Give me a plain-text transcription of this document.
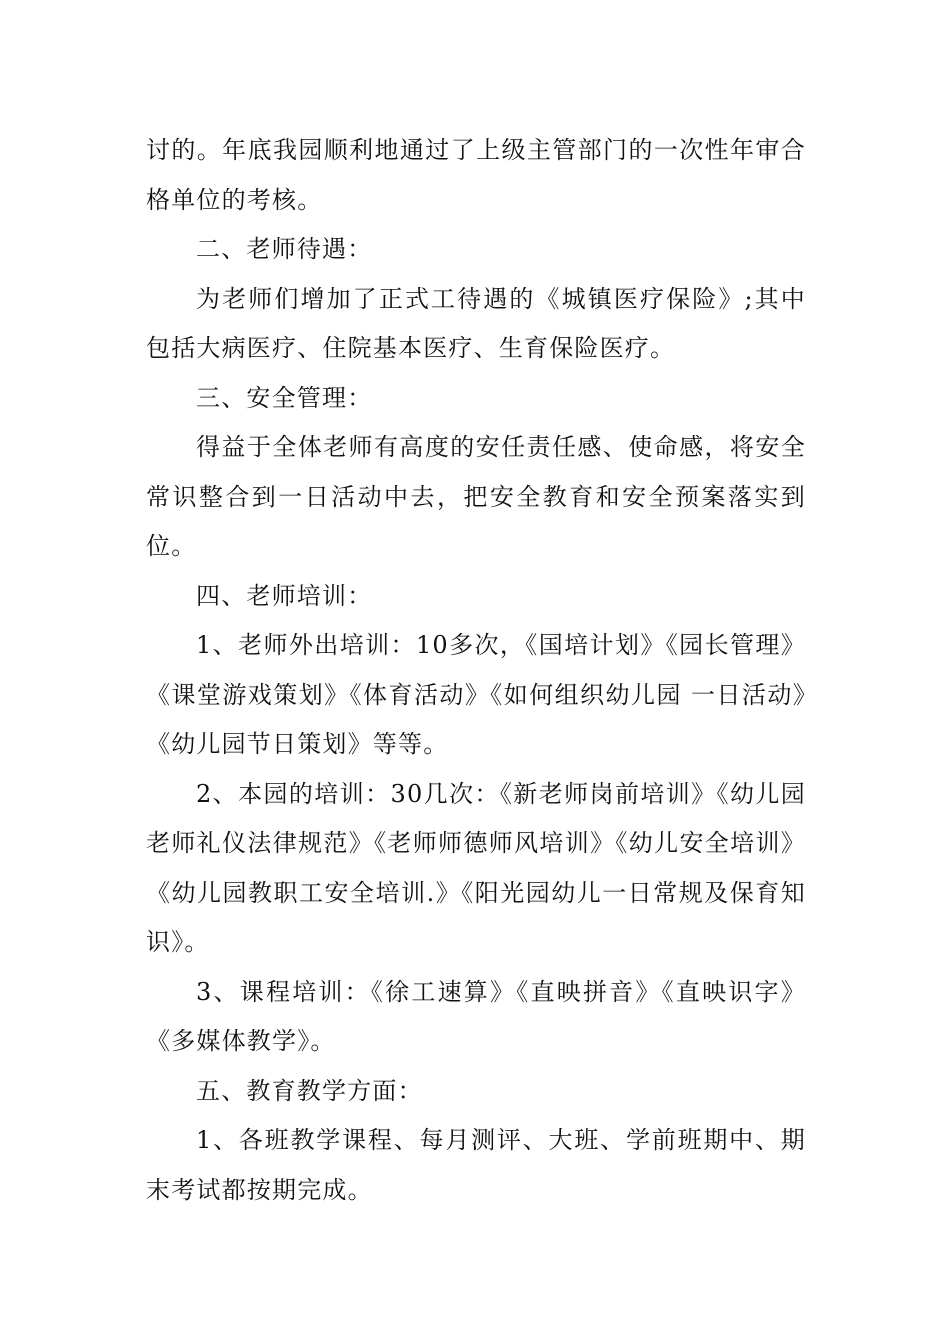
讨的。年底我园顺利地通过了上级主管部门的一次性年审合格单位的考核。

二、老师待遇：

为老师们增加了正式工待遇的《城镇医疗保险》;其中包括大病医疗、住院基本医疗、生育保险医疗。

三、安全管理：

得益于全体老师有高度的安任责任感、使命感，将安全常识整合到一日活动中去，把安全教育和安全预案落实到位。

四、老师培训：

1、老师外出培训：10多次，《国培计划》《园长管理》《课堂游戏策划》《体育活动》《如何组织幼儿园 一日活动》《幼儿园节日策划》等等。

2、本园的培训：30几次：《新老师岗前培训》《幼儿园老师礼仪法律规范》《老师师德师风培训》《幼儿安全培训》《幼儿园教职工安全培训.》《阳光园幼儿一日常规及保育知识》。

3、课程培训：《徐工速算》《直映拼音》《直映识字》《多媒体教学》。

五、教育教学方面：

1、各班教学课程、每月测评、大班、学前班期中、期末考试都按期完成。
